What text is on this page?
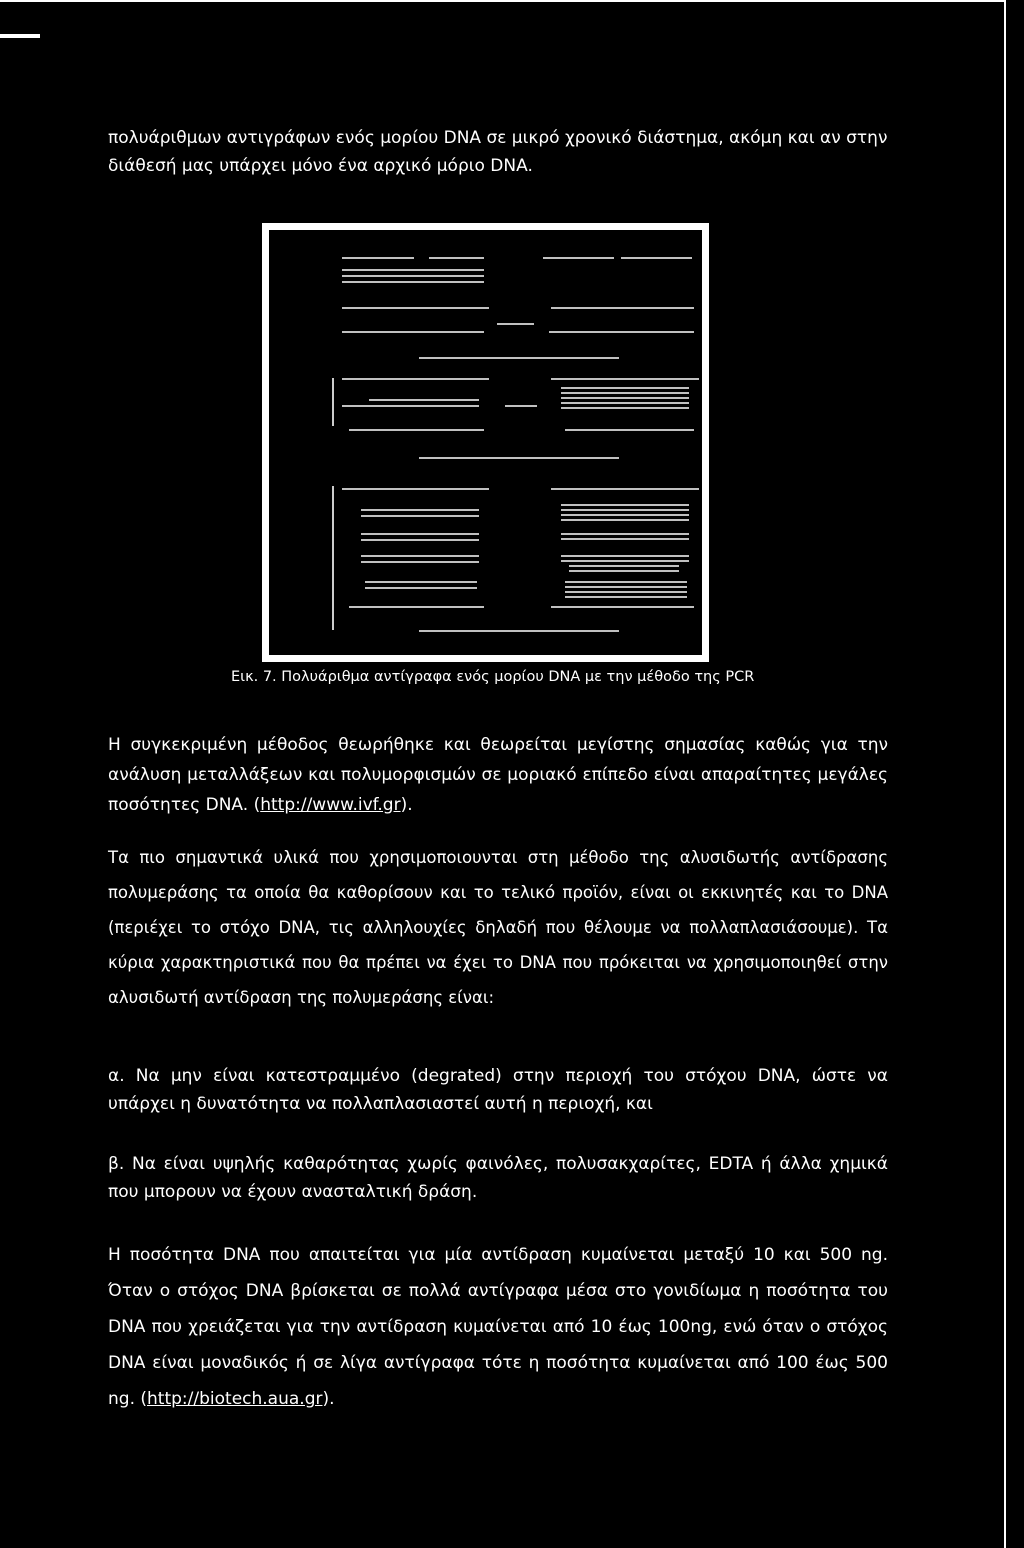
πολυάριθμων αντιγράφων ενός μορίου DNA σε μικρό χρονικό διάστημα, ακόμη και αν στην διάθεσή μας υπάρχει μόνο ένα αρχικό μόριο DNA.

Εικ. 7. Πολυάριθμα αντίγραφα ενός μορίου DNA με την μέθοδο της PCR

Η συγκεκριμένη μέθοδος θεωρήθηκε και θεωρείται μεγίστης σημασίας καθώς για την ανάλυση μεταλλάξεων και πολυμορφισμών σε μοριακό επίπεδο είναι απαραίτητες μεγάλες ποσότητες DNA. (http://www.ivf.gr).

Τα πιο σημαντικά υλικά που χρησιμοποιουνται στη μέθοδο της αλυσιδωτής αντίδρασης πολυμεράσης τα οποία θα καθορίσουν και το τελικό προϊόν, είναι οι εκκινητές και το DNA (περιέχει το στόχο DNA, τις αλληλουχίες δηλαδή που θέλουμε να πολλαπλασιάσουμε). Τα κύρια χαρακτηριστικά που θα πρέπει να έχει το DNA που πρόκειται να χρησιμοποιηθεί στην αλυσιδωτή αντίδραση της πολυμεράσης είναι:

α. Να μην είναι κατεστραμμένο (degrated) στην περιοχή του στόχου DNA, ώστε να υπάρχει η δυνατότητα να πολλαπλασιαστεί αυτή η περιοχή, και

β. Να είναι υψηλής καθαρότητας χωρίς φαινόλες, πολυσακχαρίτες, EDTA ή άλλα χημικά που μπορουν να έχουν ανασταλτική δράση.

Η ποσότητα DNA που απαιτείται για μία αντίδραση κυμαίνεται μεταξύ 10 και 500 ng. Όταν ο στόχος DNA βρίσκεται σε πολλά αντίγραφα μέσα στο γονιδίωμα η ποσότητα του DNA που χρειάζεται για την αντίδραση κυμαίνεται από 10 έως 100ng, ενώ όταν ο στόχος DNA είναι μοναδικός ή σε λίγα αντίγραφα τότε η ποσότητα κυμαίνεται από 100 έως 500 ng. (http://biotech.aua.gr).
